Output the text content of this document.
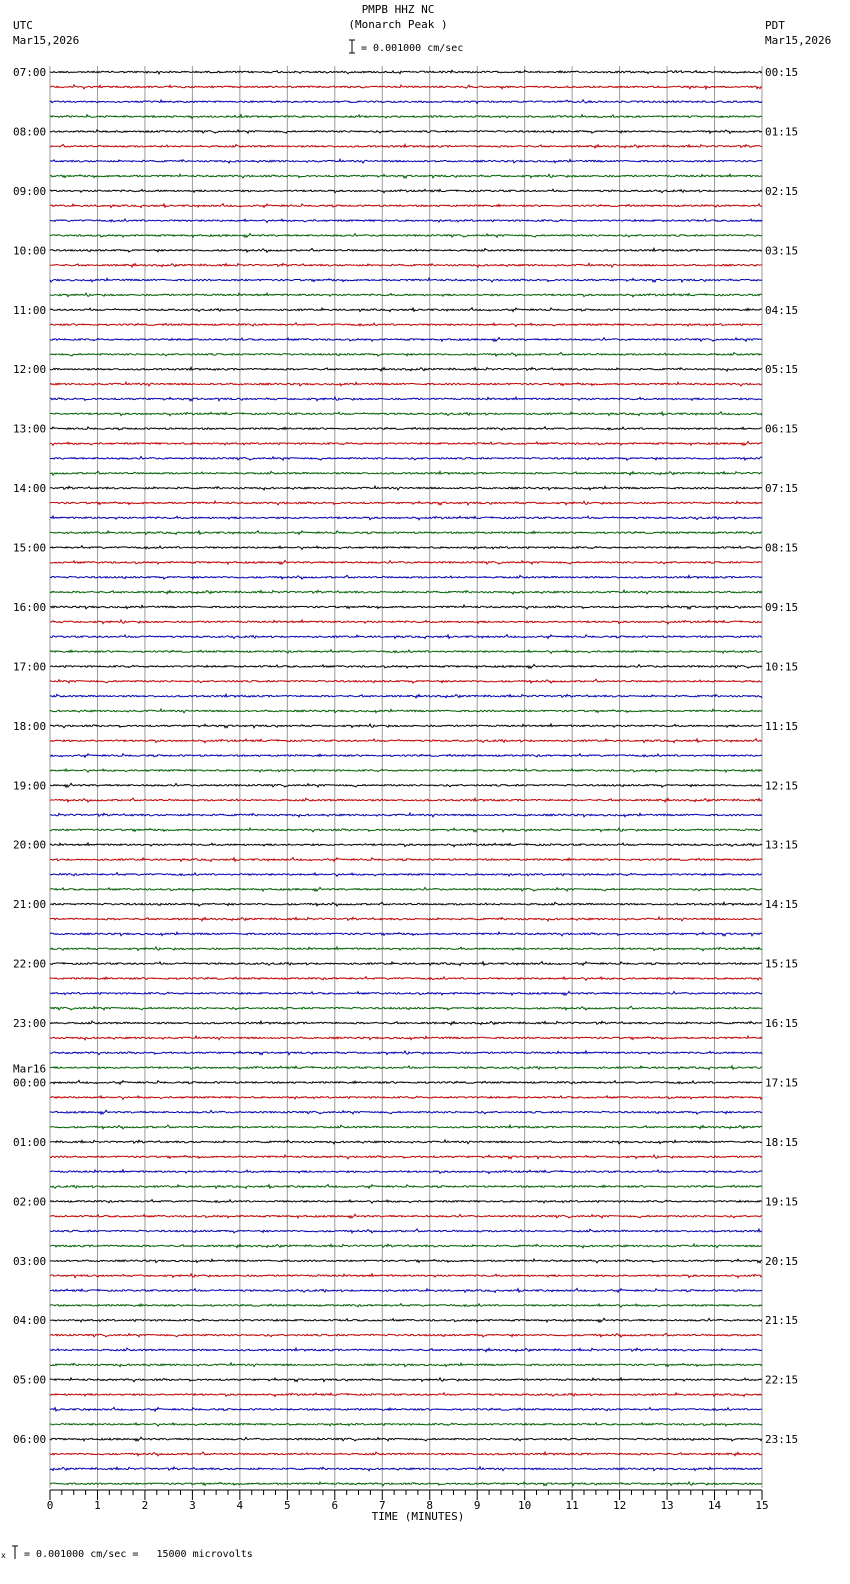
PMPB HHZ NC
(Monarch Peak )
UTC
Mar15,2026
PDT
Mar15,2026
= 0.001000 cm/sec
x = 0.001000 cm/sec =   15000 microvolts
07:00
08:00
09:00
10:00
11:00
12:00
13:00
14:00
15:00
16:00
17:00
18:00
19:00
20:00
21:00
22:00
23:00
00:00
Mar16
01:00
02:00
03:00
04:00
05:00
06:00
00:15
01:15
02:15
03:15
04:15
05:15
06:15
07:15
08:15
09:15
10:15
11:15
12:15
13:15
14:15
15:15
16:15
17:15
18:15
19:15
20:15
21:15
22:15
23:15
0	1	2	3	4	5	6	7	8	9	10	11	12	13	14	15
TIME (MINUTES)
